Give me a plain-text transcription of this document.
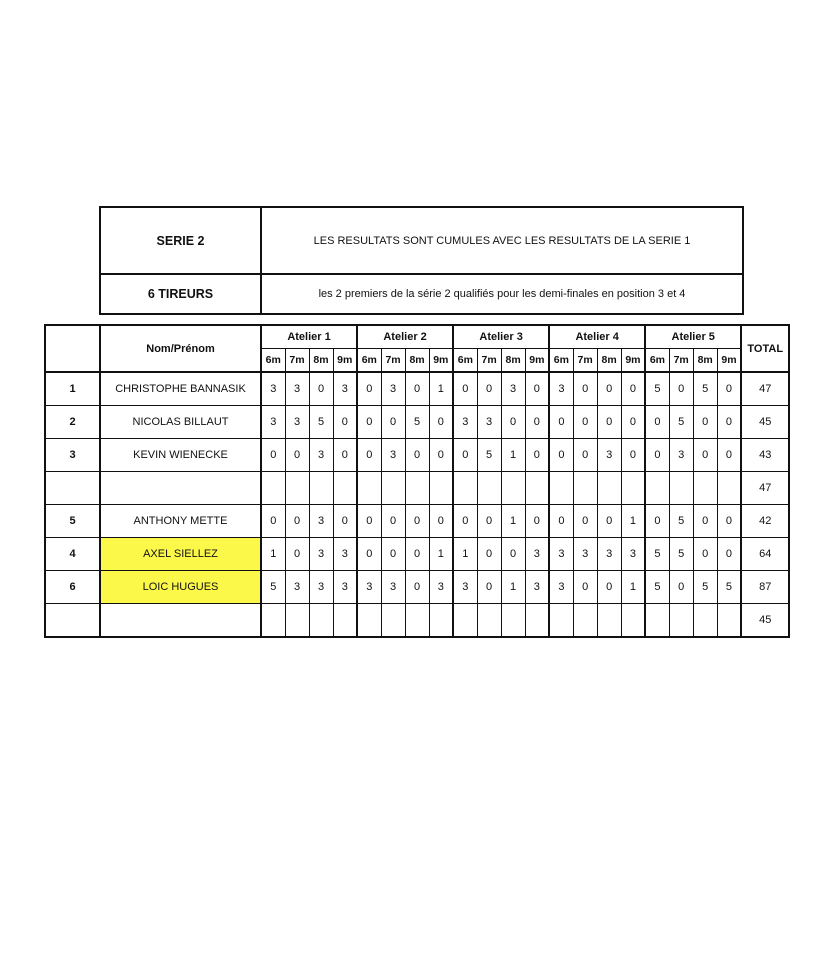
SERIE 2	LES RESULTATS SONT CUMULES AVEC LES RESULTATS DE LA SERIE 1
6 TIREURS	les 2 premiers de la série 2 qualifiés pour les demi-finales en position 3 et 4
	Nom/Prénom	Atelier 1				Atelier 2				Atelier 3				Atelier 4				Atelier 5				TOTAL
		6m	7m	8m	9m	6m	7m	8m	9m	6m	7m	8m	9m	6m	7m	8m	9m	6m	7m	8m	9m	
1	CHRISTOPHE BANNASIK	3	3	0	3	0	3	0	1	0	0	3	0	3	0	0	0	5	0	5	0	47
2	NICOLAS BILLAUT	3	3	5	0	0	0	5	0	3	3	0	0	0	0	0	0	0	5	0	0	45
3	KEVIN WIENECKE	0	0	3	0	0	3	0	0	0	5	1	0	0	0	3	0	0	3	0	0	43
																						47
5	ANTHONY METTE	0	0	3	0	0	0	0	0	0	0	1	0	0	0	0	1	0	5	0	0	42
4	AXEL SIELLEZ	1	0	3	3	0	0	0	1	1	0	0	3	3	3	3	3	5	5	0	0	64
6	LOIC HUGUES	5	3	3	3	3	3	0	3	3	0	1	3	3	0	0	1	5	0	5	5	87
																						45
